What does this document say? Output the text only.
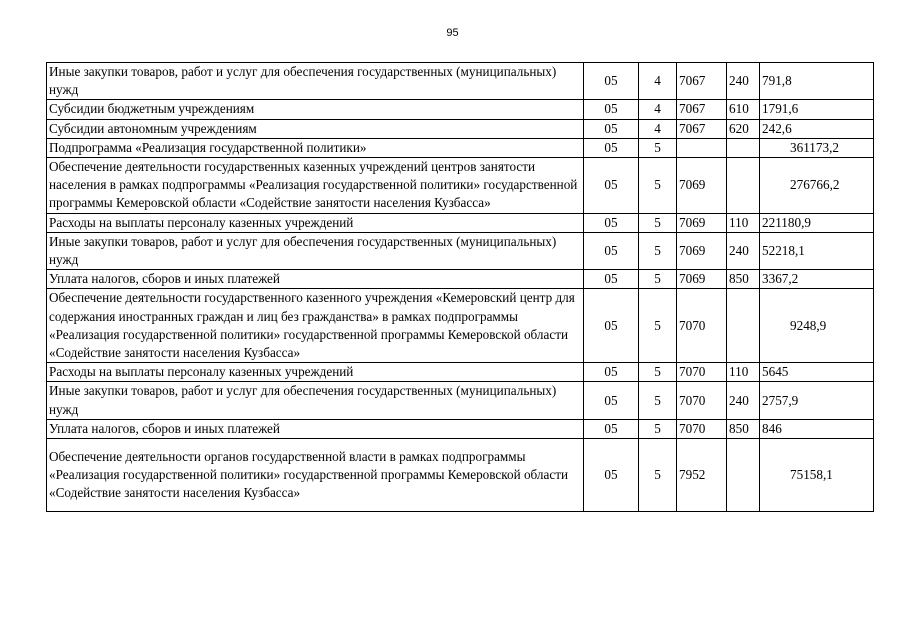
95
Иные закупки товаров, работ и услуг для обеспечения государственных (муниципальных) нужд	05	4	7067	240	791,8
Субсидии бюджетным учреждениям	05	4	7067	610	1791,6
Субсидии автономным учреждениям	05	4	7067	620	242,6
Подпрограмма «Реализация государственной политики»	05	5			361173,2
Обеспечение деятельности государственных казенных учреждений центров занятости населения в рамках подпрограммы «Реализация государственной политики» государственной программы Кемеровской области «Содействие занятости населения Кузбасса»	05	5	7069		276766,2
Расходы на выплаты персоналу казенных учреждений	05	5	7069	110	221180,9
Иные закупки товаров, работ и услуг для обеспечения государственных (муниципальных) нужд	05	5	7069	240	52218,1
Уплата налогов, сборов и иных платежей	05	5	7069	850	3367,2
Обеспечение деятельности государственного казенного учреждения «Кемеровский центр для содержания иностранных граждан и лиц без гражданства» в рамках подпрограммы «Реализация государственной политики» государственной программы Кемеровской области «Содействие занятости населения Кузбасса»	05	5	7070		9248,9
Расходы на выплаты персоналу казенных учреждений	05	5	7070	110	5645
Иные закупки товаров, работ и услуг для обеспечения государственных (муниципальных) нужд	05	5	7070	240	2757,9
Уплата налогов, сборов и иных платежей	05	5	7070	850	846
Обеспечение деятельности органов государственной власти в рамках подпрограммы «Реализация государственной политики» государственной программы Кемеровской области «Содействие занятости населения Кузбасса»	05	5	7952		75158,1
